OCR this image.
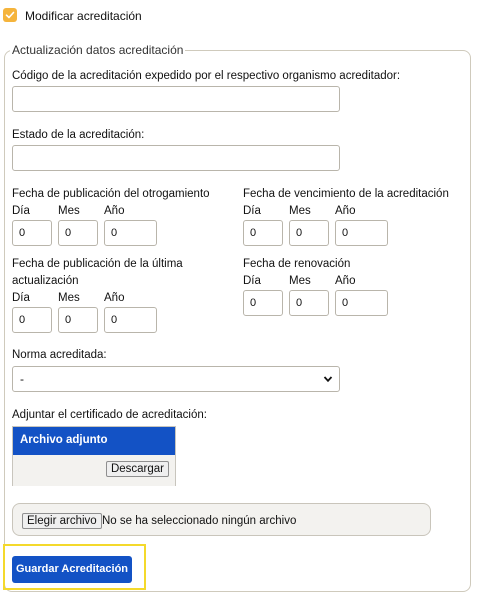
Modificar acreditación
Actualización datos acreditación
Código de la acreditación expedido por el respectivo organismo acreditador:
Estado de la acreditación:
Fecha de publicación del otrogamiento
Día Mes Año
0	0	0
Fecha de vencimiento de la acreditación
Día Mes Año
0	0	0
Fecha de publicación de la última
actualización
Día Mes Año
0	0	0
Fecha de renovación
Día Mes Año
0	0	0
Norma acreditada:
-
Adjuntar el certificado de acreditación:
Archivo adjunto
Descargar
Elegir archivo No se ha seleccionado ningún archivo
Guardar Acreditación
